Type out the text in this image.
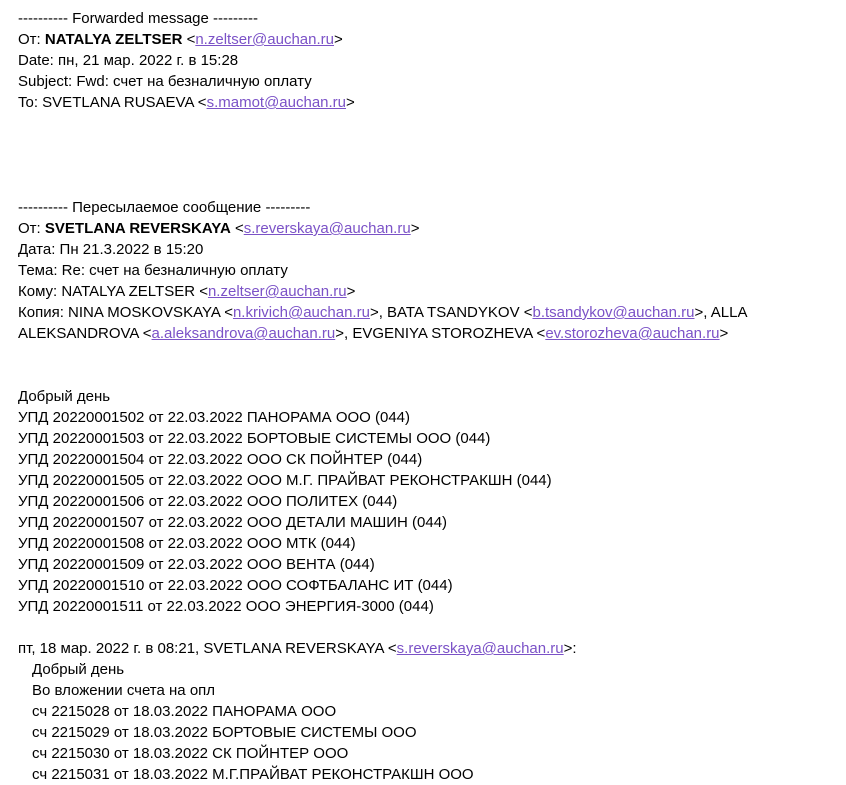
---------- Forwarded message ---------
От: NATALYA ZELTSER <n.zeltser@auchan.ru>
Date: пн, 21 мар. 2022 г. в 15:28
Subject: Fwd: счет на безналичную оплату
To: SVETLANA RUSAEVA <s.mamot@auchan.ru>
---------- Пересылаемое сообщение ---------
От: SVETLANA REVERSKAYA <s.reverskaya@auchan.ru>
Дата: Пн 21.3.2022 в 15:20
Тема: Re: счет на безналичную оплату
Кому: NATALYA ZELTSER <n.zeltser@auchan.ru>
Копия: NINA MOSKOVSKAYA <n.krivich@auchan.ru>, BATA TSANDYKOV <b.tsandykov@auchan.ru>, ALLA ALEKSANDROVA <a.aleksandrova@auchan.ru>, EVGENIYA STOROZHEVA <ev.storozheva@auchan.ru>
Добрый день
УПД 20220001502 от 22.03.2022 ПАНОРАМА ООО (044)
УПД 20220001503 от 22.03.2022 БОРТОВЫЕ СИСТЕМЫ ООО (044)
УПД 20220001504 от 22.03.2022 ООО СК ПОЙНТЕР (044)
УПД 20220001505 от 22.03.2022 ООО М.Г. ПРАЙВАТ РЕКОНСТРАКШН (044)
УПД 20220001506 от 22.03.2022 ООО ПОЛИТЕХ (044)
УПД 20220001507 от 22.03.2022 ООО ДЕТАЛИ МАШИН (044)
УПД 20220001508 от 22.03.2022 ООО МТК (044)
УПД 20220001509 от 22.03.2022 ООО ВЕНТА (044)
УПД 20220001510 от 22.03.2022 ООО СОФТБАЛАНС ИТ (044)
УПД 20220001511 от 22.03.2022 ООО ЭНЕРГИЯ-3000 (044)
пт, 18 мар. 2022 г. в 08:21, SVETLANA REVERSKAYA <s.reverskaya@auchan.ru>:
Добрый день
Во вложении счета на опл
сч 2215028 от 18.03.2022 ПАНОРАМА ООО
сч 2215029 от 18.03.2022 БОРТОВЫЕ СИСТЕМЫ ООО
сч 2215030 от 18.03.2022 СК ПОЙНТЕР ООО
сч 2215031 от 18.03.2022 М.Г.ПРАЙВАТ РЕКОНСТРАКШН ООО
